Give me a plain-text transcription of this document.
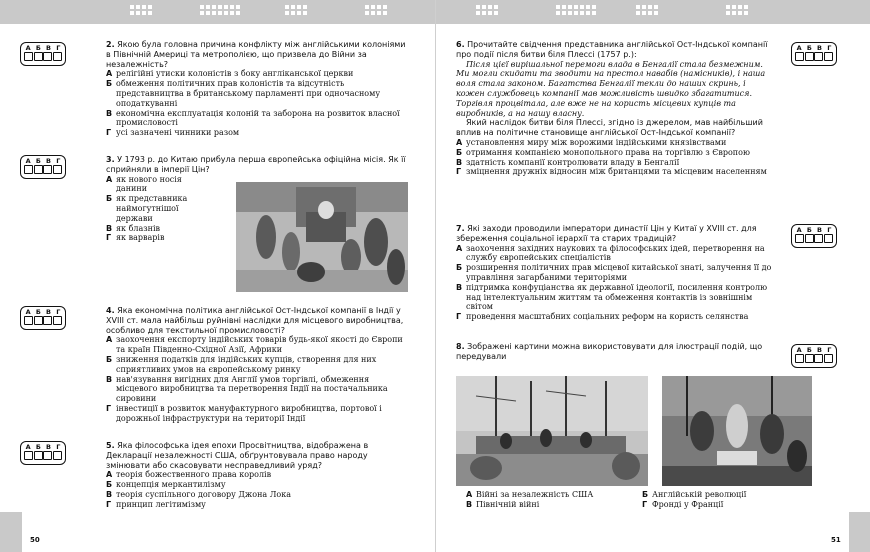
А Б В Г
А Б В Г
А Б В Г
А Б В Г
2. Якою була головна причина конфлікту між англійськими колоніями в Північній Америці та метрополією, що призвела до Війни за незалежність?
А релігійні утиски колоністів з боку англіканської церкви
Б обмеження політичних прав колоністів та відсутність представництва в британському парламенті при одночасному оподаткуванні
В економічна експлуатація колоній та заборона на розвиток власної промисловості
Г усі зазначені чинники разом
3. У 1793 р. до Китаю прибула перша європейська офіційна місія. Як її сприйняли в імперії Цін?
А як нового носія данини
Б як представника наймогутнішої держави
В як блазнів
Г як варварів
4. Яка економічна політика англійської Ост-Індської компанії в Індії у XVIII ст. мала найбільш руйнівні наслідки для місцевого виробництва, особливо для текстильної промисловості?
А заохочення експорту індійських товарів будь-якої якості до Європи та країн Південно-Східної Азії, Африки
Б зниження податків для індійських купців, створення для них сприятливих умов на європейському ринку
В нав'язування вигідних для Англії умов торгівлі, обмеження місцевого виробництва та перетворення Індії на постачальника сировини
Г інвестиції в розвиток мануфактурного виробництва, портової і дорожньої інфраструктури на території Індії
5. Яка філософська ідея епохи Просвітництва, відображена в Декларації незалежності США, обґрунтовувала право народу змінювати або скасовувати несправедливий уряд?
А теорія божественного права королів
Б концепція меркантилізму
В теорія суспільного договору Джона Лока
Г принцип легітимізму
50
А Б В Г
А Б В Г
А Б В Г
6. Прочитайте свідчення представника англійської Ост-Індської компанії про події після битви біля Плессі (1757 р.):
Після цієї вирішальної перемоги влада в Бенгалії стала безмежним. Ми могли скидати та зводити на престол навабів (намісників), і наша воля стала законом. Багатства Бенгалії текли до наших скринь, і кожен службовець компанії мав можливість швидко збагатитися. Торгівля процвітала, але вже не на користь місцевих купців та виробників, а на нашу власну.
Який наслідок битви біля Плессі, згідно із джерелом, мав найбільший вплив на політичне становище англійської Ост-Індської компанії?
А установлення миру між ворожими індійськими князівствами
Б отримання компанією монопольного права на торгівлю з Європою
В здатність компанії контролювати владу в Бенгалії
Г зміцнення дружніх відносин між британцями та місцевим населенням
7. Які заходи проводили імператори династії Цін у Китаї у XVIII ст. для збереження соціальної ієрархії та старих традицій?
А заохочення західних наукових та філософських ідей, перетворення на службу європейських спеціалістів
Б розширення політичних прав місцевої китайської знаті, залучення її до управління загарбаними територіями
В підтримка конфуціанства як державної ідеології, посилення контролю над інтелектуальним життям та обмеження контактів із зовнішнім світом
Г проведення масштабних соціальних реформ на користь селянства
8. Зображені картини можна використовувати для ілюстрації подій, що передували
А Війні за незалежність США
В Північній війні
Б Англійській революції
Г Фронді у Франції
51
